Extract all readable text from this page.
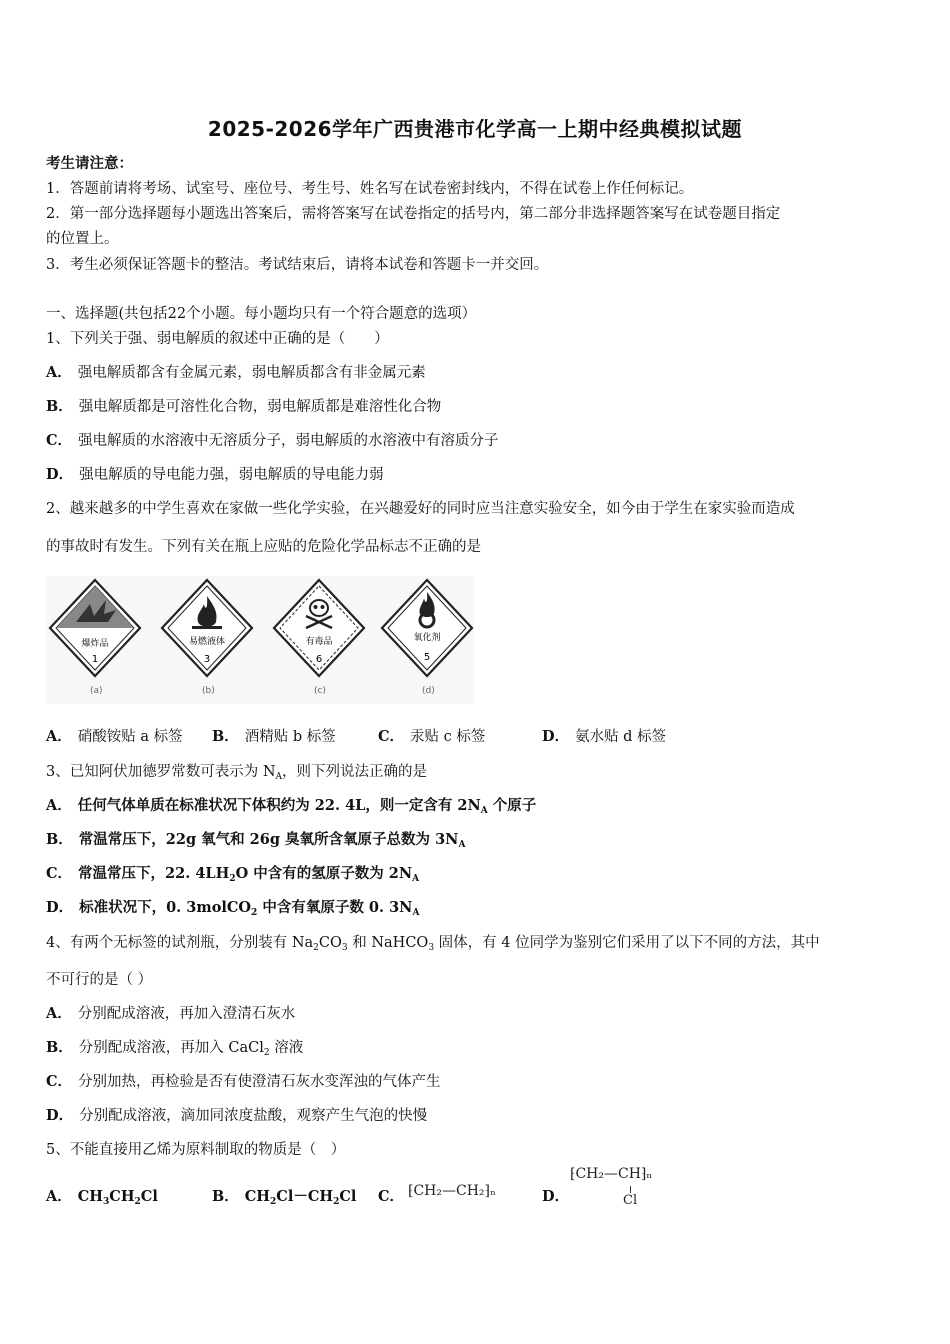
2025-2026学年广西贵港市化学高一上期中经典模拟试题
考生请注意：
1．答题前请将考场、试室号、座位号、考生号、姓名写在试卷密封线内，不得在试卷上作任何标记。
2．第一部分选择题每小题选出答案后，需将答案写在试卷指定的括号内，第二部分非选择题答案写在试卷题目指定
的位置上。
3．考生必须保证答题卡的整洁。考试结束后，请将本试卷和答题卡一并交回。
一、选择题(共包括22个小题。每小题均只有一个符合题意的选项）
1、下列关于强、弱电解质的叙述中正确的是（　　）
A． 强电解质都含有金属元素，弱电解质都含有非金属元素
B． 强电解质都是可溶性化合物，弱电解质都是难溶性化合物
C． 强电解质的水溶液中无溶质分子，弱电解质的水溶液中有溶质分子
D． 强电解质的导电能力强，弱电解质的导电能力弱
2、越来越多的中学生喜欢在家做一些化学实验，在兴趣爱好的同时应当注意实验安全，如今由于学生在家实验而造成
的事故时有发生。下列有关在瓶上应贴的危险化学品标志不正确的是
爆炸品
1
易燃液体
3
有毒品
6
氧化剂
5
(a)	(b)	(c)	(d)
A． 硝酸铵贴 a 标签 B． 酒精贴 b 标签	C． 汞贴 c 标签	D． 氨水贴 d 标签
3、已知阿伏加德罗常数可表示为 $N_A$，则下列说法正确的是
A． 任何气体单质在标准状况下体积约为 22. 4L，则一定含有 $2N_A$ 个原子
B． 常温常压下，22g 氧气和 26g 臭氧所含氧原子总数为 $3N_A$
C． 常温常压下，22. $4LH_2O$ 中含有的氢原子数为 $2N_A$
D． 标准状况下，0. 3molCO$_2$ 中含有氧原子数 0. $3N_A$
4、有两个无标签的试剂瓶，分别装有 $Na_2CO_3$ 和 NaHCO$_3$ 固体，有 4 位同学为鉴别它们采用了以下不同的方法，其中
不可行的是（ ）
A． 分别配成溶液，再加入澄清石灰水
B． 分别配成溶液，再加入 CaCl$_2$ 溶液
C． 分别加热，再检验是否有使澄清石灰水变浑浊的气体产生
D． 分别配成溶液，滴加同浓度盐酸，观察产生气泡的快慢
5、不能直接用乙烯为原料制取的物质是（　）
A． $CH_3CH_2Cl$	B． $CH_2Cl-CH_2Cl$ C． ⁅CH₂—CH₂⁆ₙ	D．
⁅CH₂—CH⁆ₙ
Cl
